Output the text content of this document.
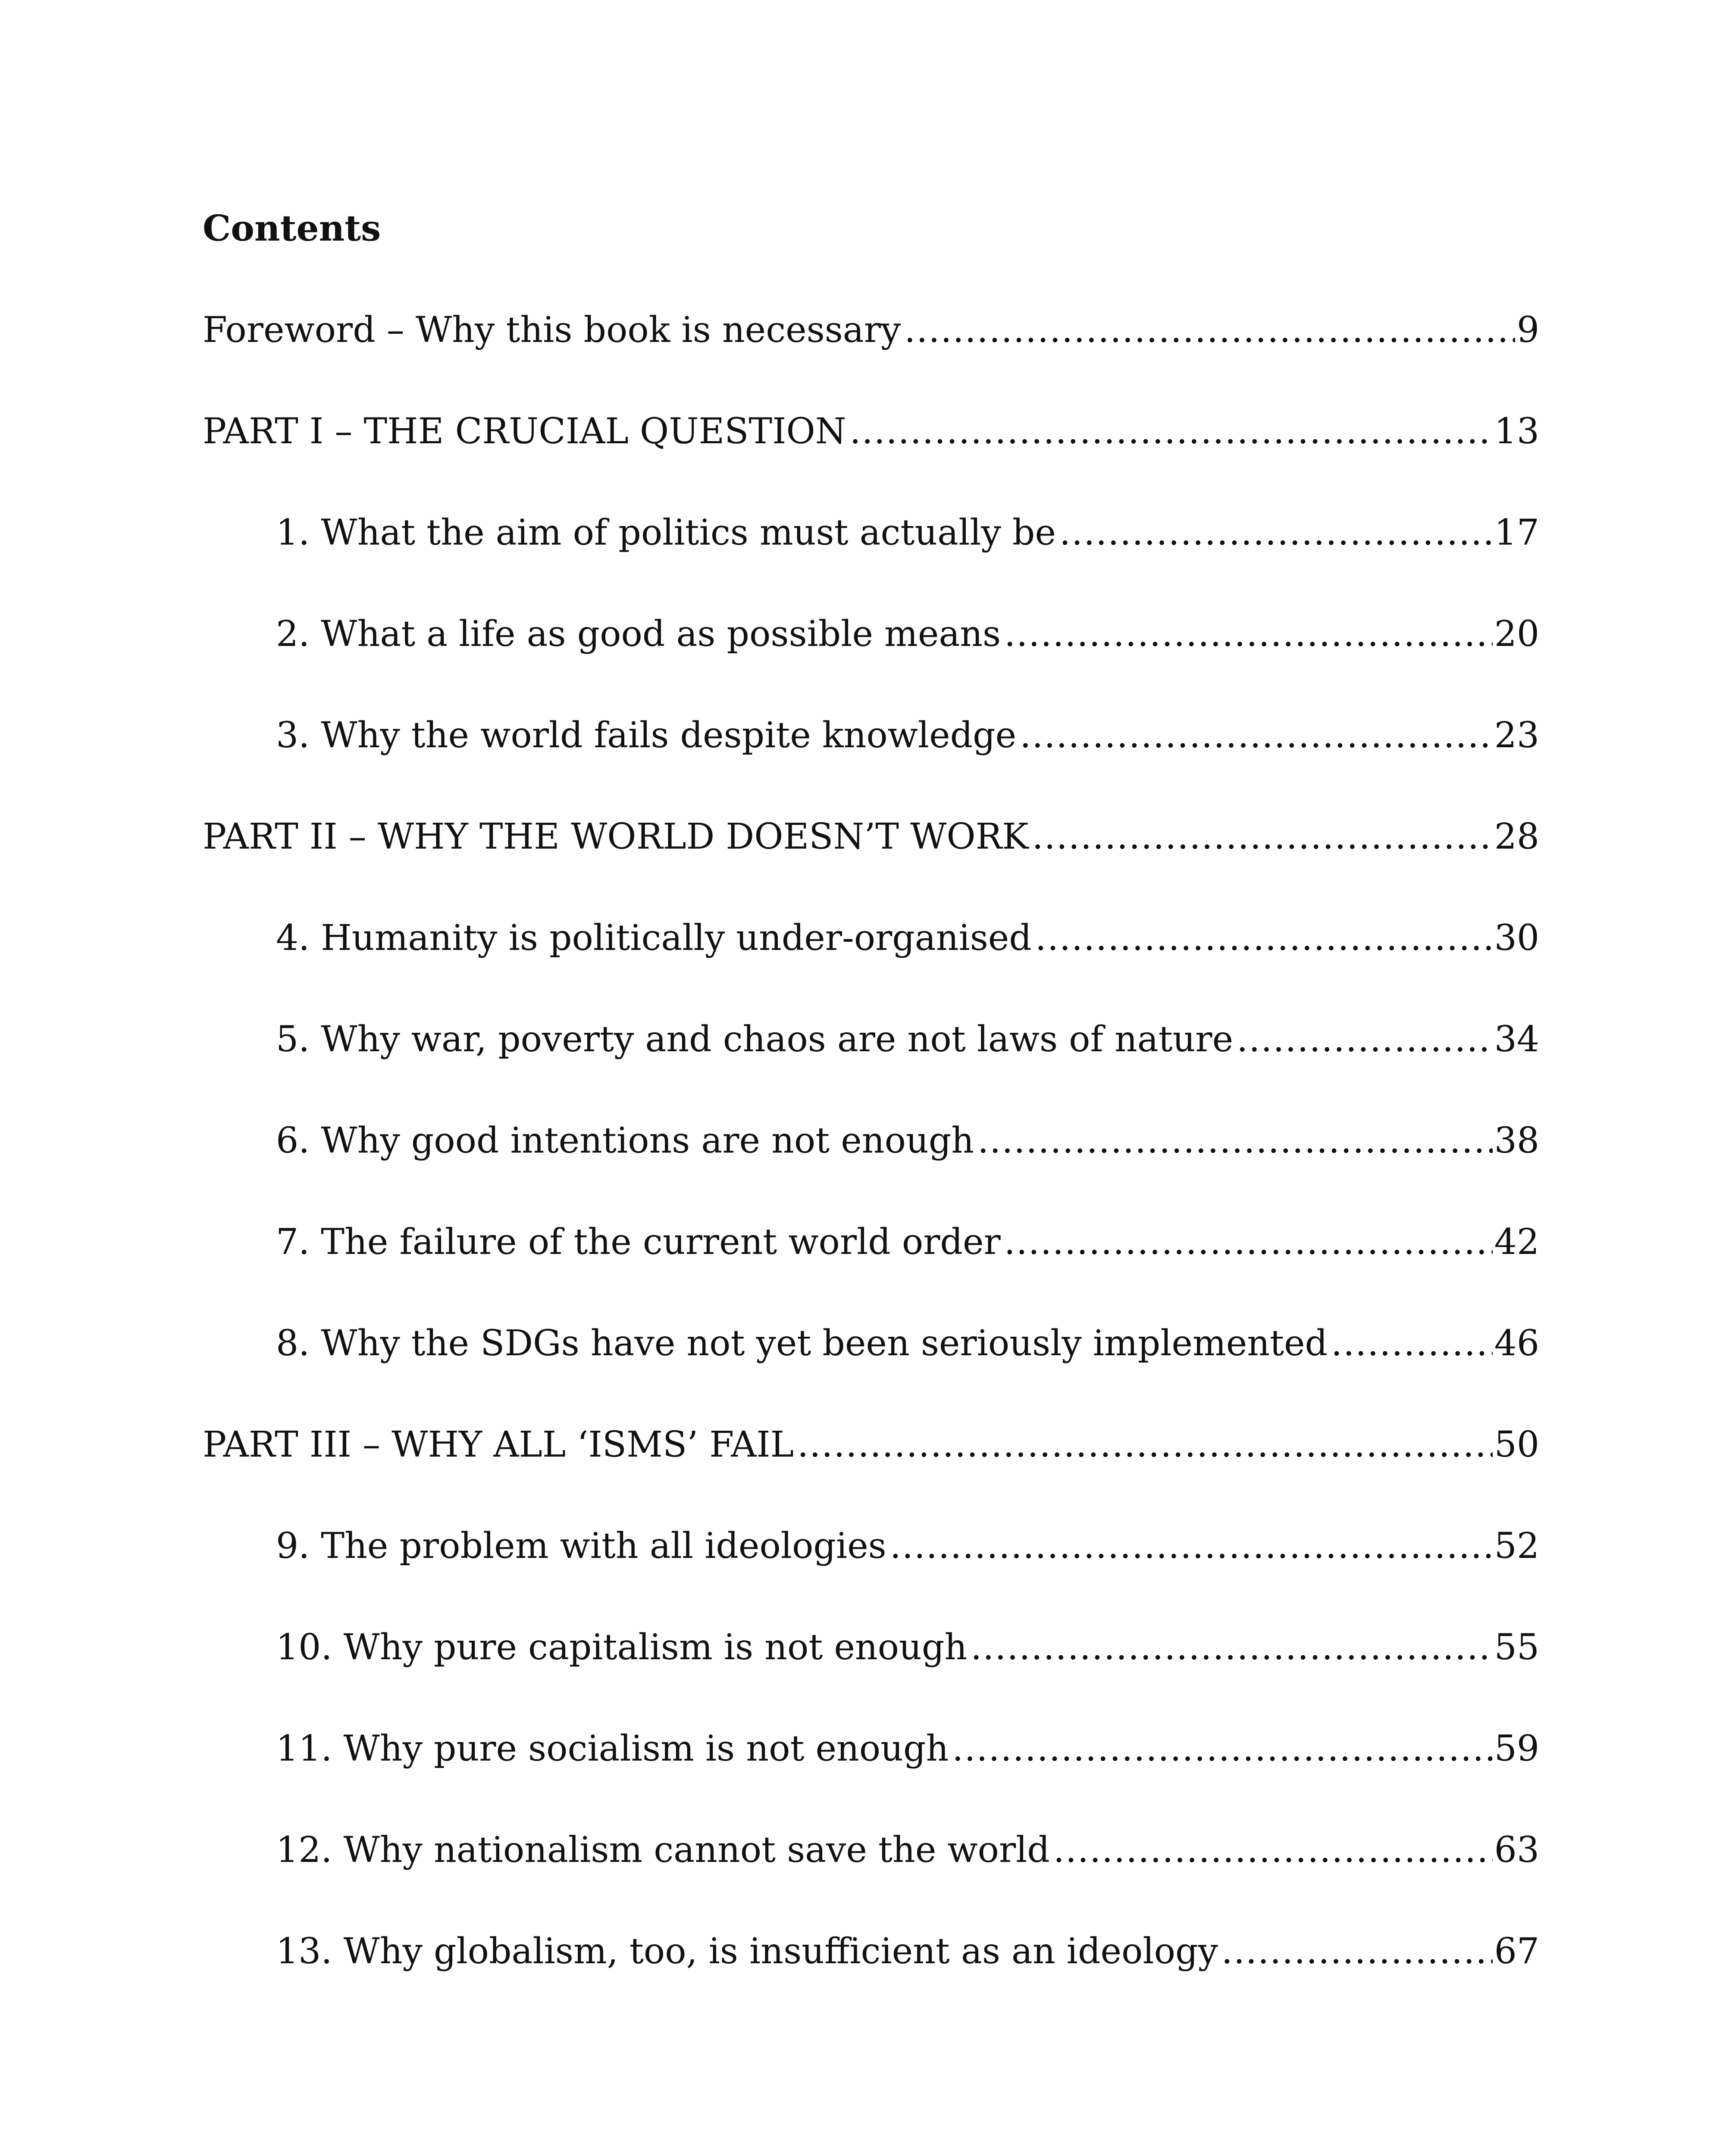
Contents
Foreword – Why this book is necessary .....	9
PART I – THE CRUCIAL QUESTION .....	13
1. What the aim of politics must actually be .....	17
2. What a life as good as possible means .....	20
3. Why the world fails despite knowledge .....	23
PART II – WHY THE WORLD DOESN’T WORK .....	28
4. Humanity is politically under-organised .....	30
5. Why war, poverty and chaos are not laws of nature .....	34
6. Why good intentions are not enough .....	38
7. The failure of the current world order .....	42
8. Why the SDGs have not yet been seriously implemented .....	46
PART III – WHY ALL ‘ISMS’ FAIL .....	50
9. The problem with all ideologies .....	52
10. Why pure capitalism is not enough .....	55
11. Why pure socialism is not enough .....	59
12. Why nationalism cannot save the world .....	63
13. Why globalism, too, is insufficient as an ideology .....	67
